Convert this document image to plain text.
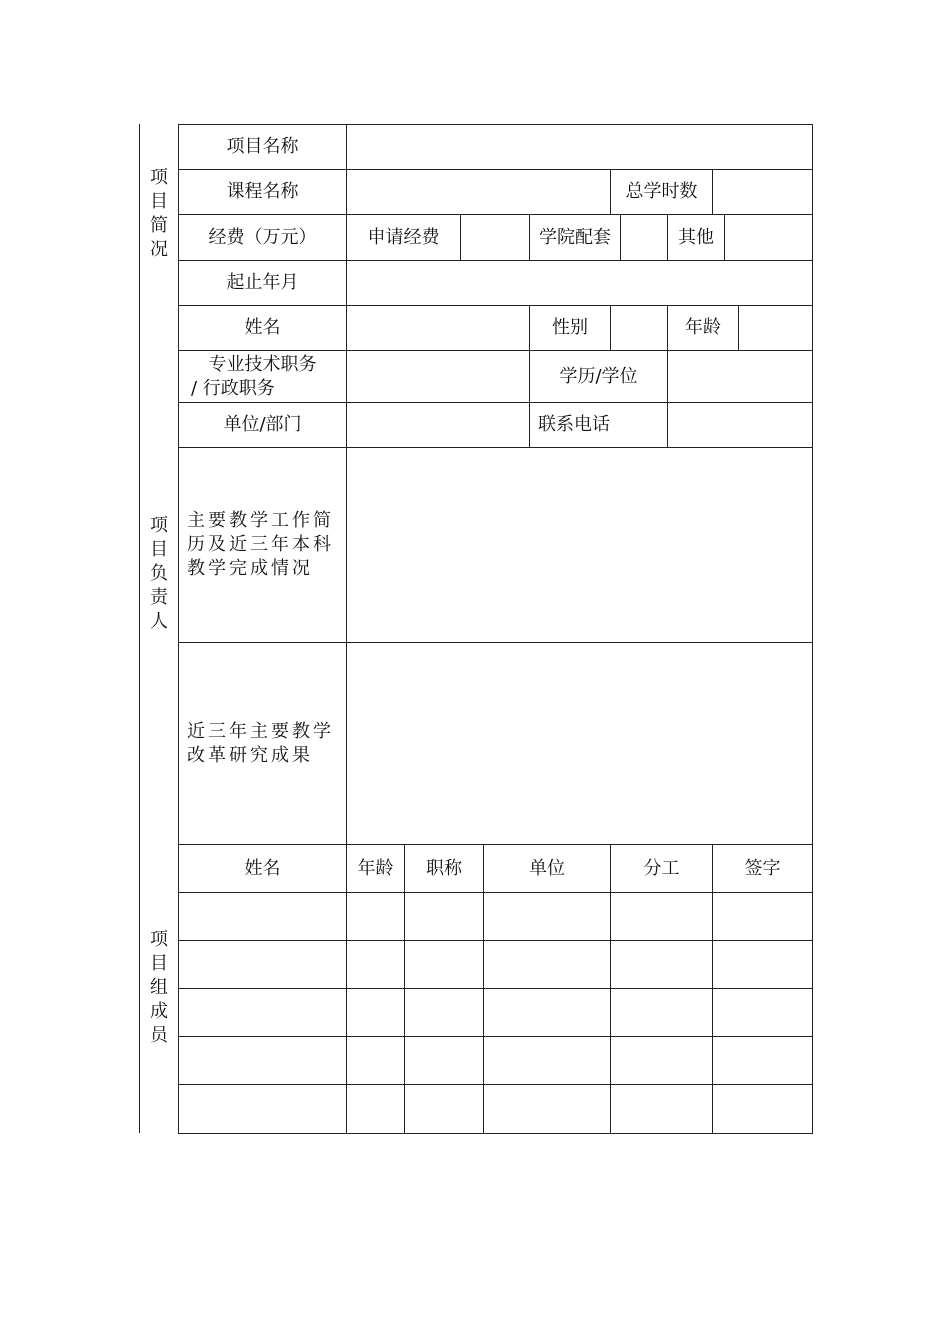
项
目
简
况
项
目
负
责
人
项
目
组
成
员
项目名称											
课程名称						总学时数					
经费（万元）	申请经费				学院配套			其他			
起止年月											
姓名					性别			年龄			

专业技术职务
/ 行政职务					学历/学位						
单位/部门					联系电话						
主要教学工作简历及近三年本科教学完成情况											
近三年主要教学改革研究成果											
姓名	年龄	职称		单位		分工			签字		
